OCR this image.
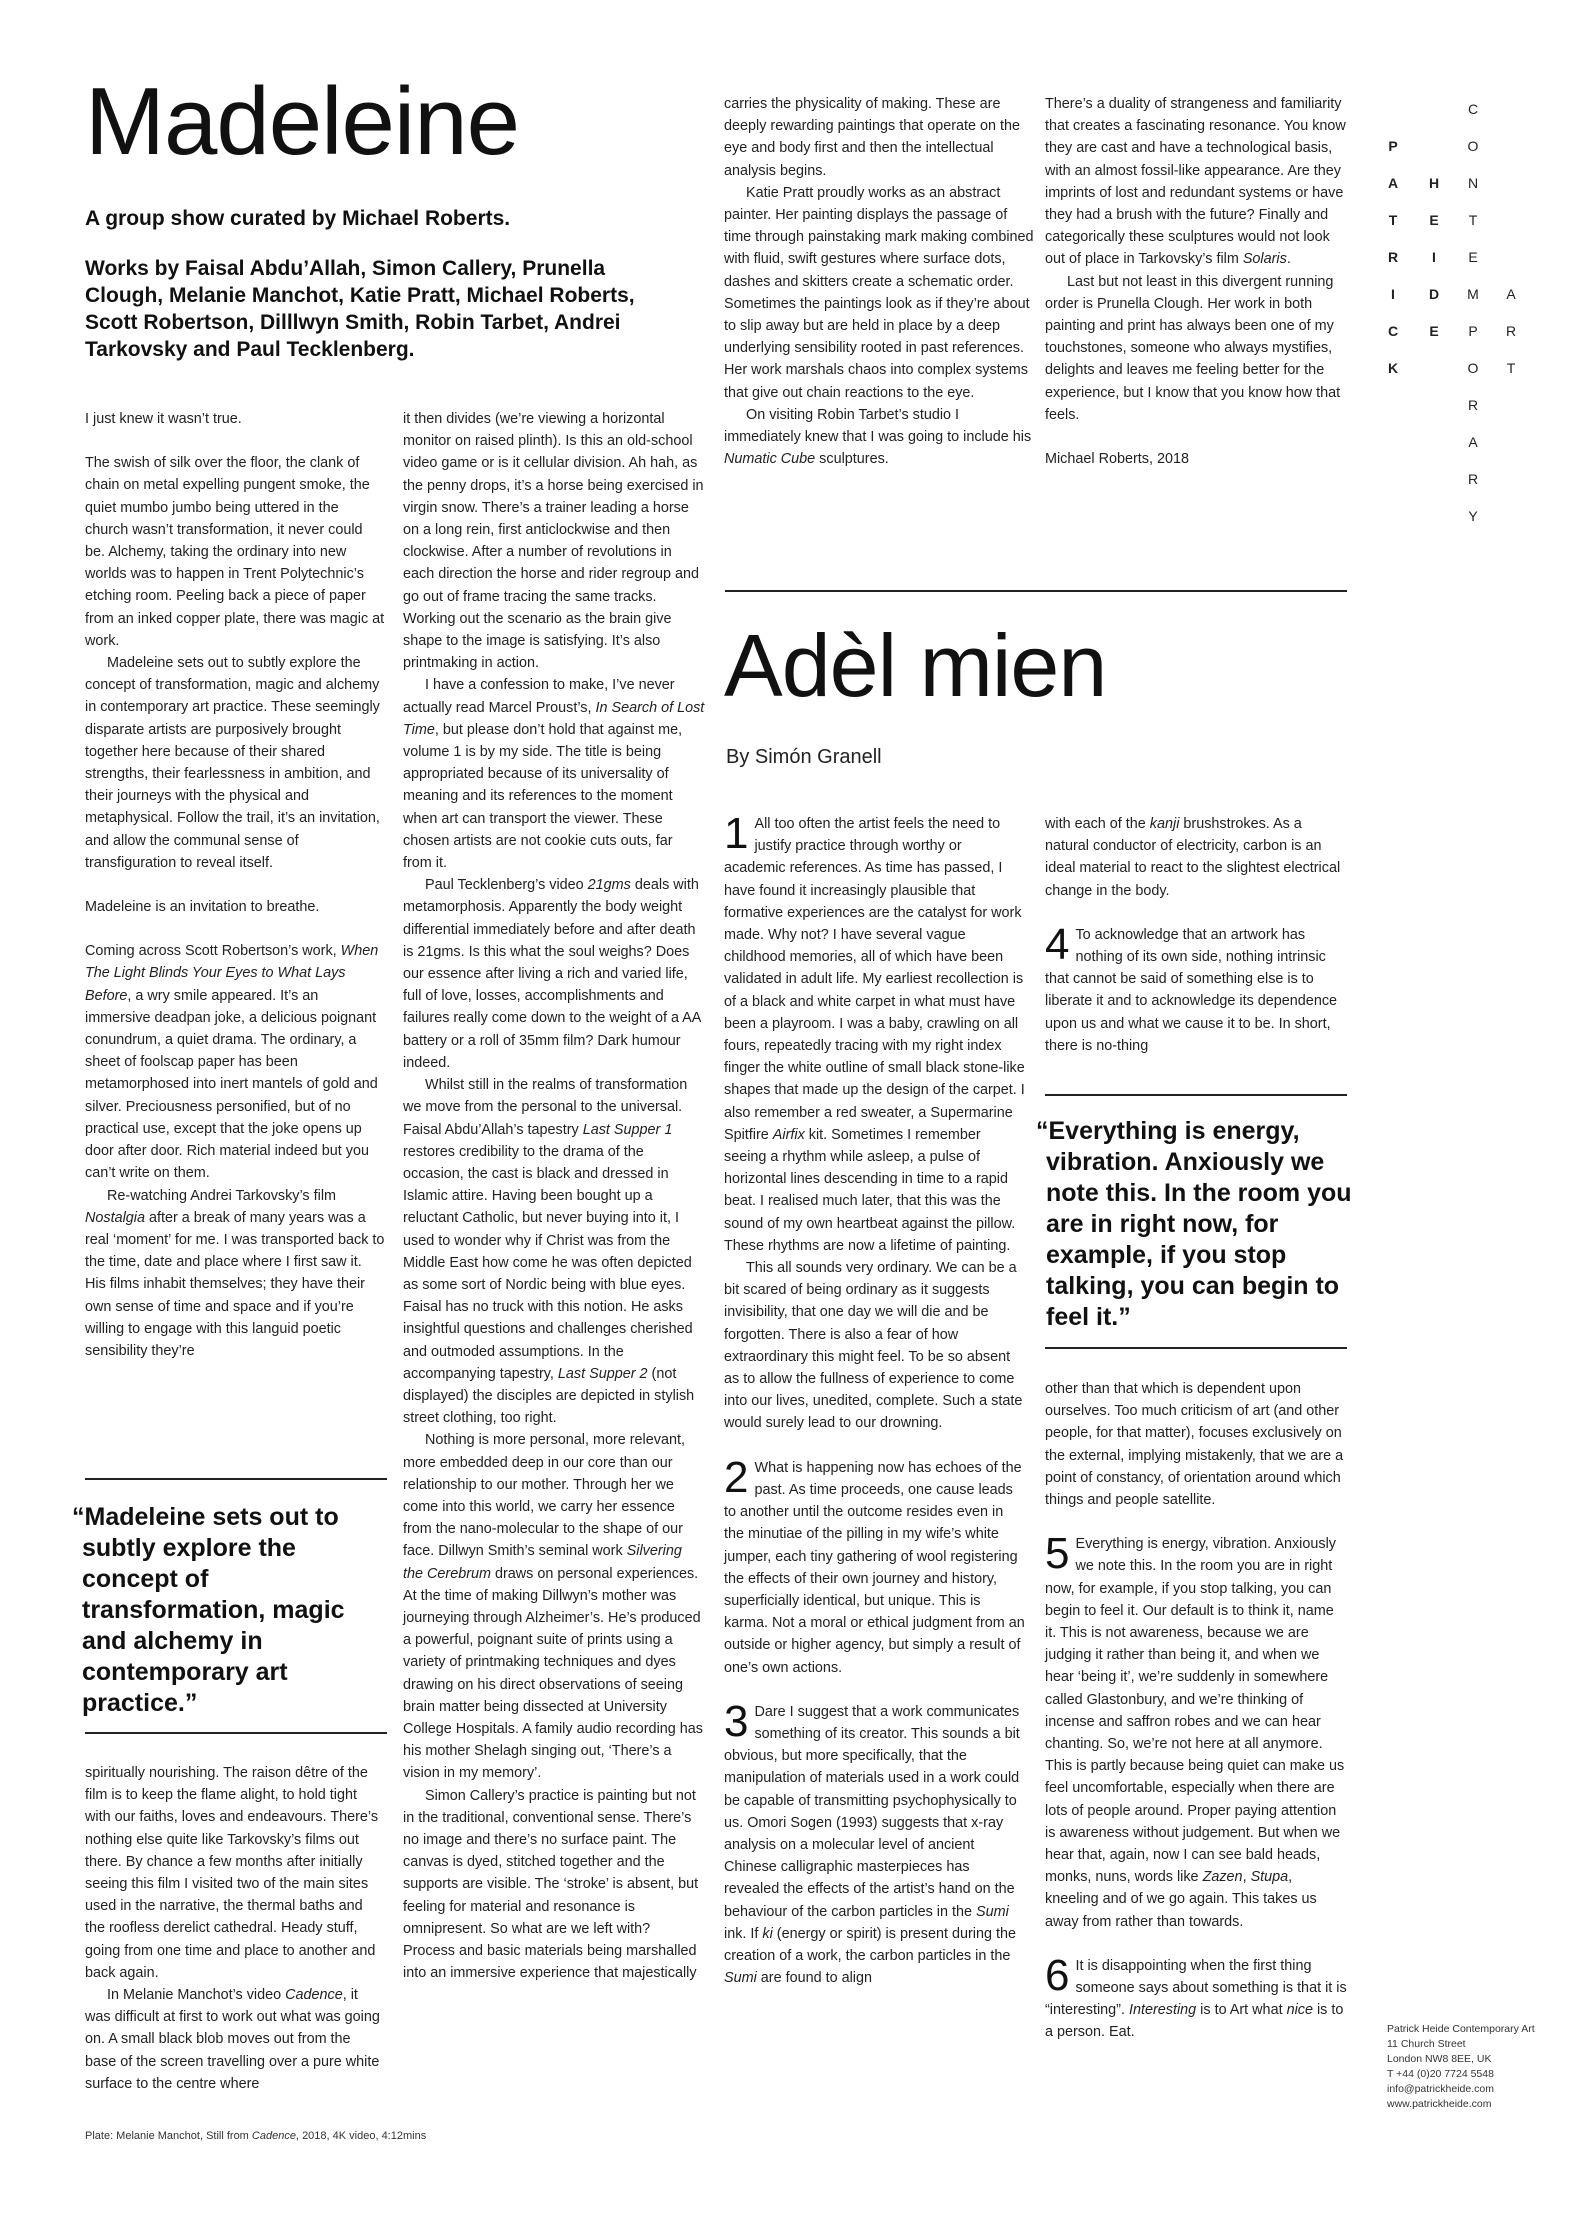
Madeleine
A group show curated by Michael Roberts.
Works by Faisal Abdu’Allah, Simon Callery, Prunella Clough, Melanie Manchot, Katie Pratt, Michael Roberts, Scott Robertson, Dilllwyn Smith, Robin Tarbet, Andrei Tarkovsky and Paul Tecklenberg.

I just knew it wasn’t true.

The swish of silk over the floor, the clank of chain on metal expelling pungent smoke, the quiet mumbo jumbo being uttered in the church wasn’t transformation, it never could be. Alchemy, taking the ordinary into new worlds was to happen in Trent Polytechnic’s etching room. Peeling back a piece of paper from an inked copper plate, there was magic at work.

Madeleine sets out to subtly explore the concept of transformation, magic and alchemy in contemporary art practice. These seemingly disparate artists are purposively brought together here because of their shared strengths, their fearlessness in ambition, and their journeys with the physical and metaphysical. Follow the trail, it’s an invitation, and allow the communal sense of transfiguration to reveal itself.

Madeleine is an invitation to breathe.

Coming across Scott Robertson’s work, When The Light Blinds Your Eyes to What Lays Before, a wry smile appeared. It’s an immersive deadpan joke, a delicious poignant conundrum, a quiet drama. The ordinary, a sheet of foolscap paper has been metamorphosed into inert mantels of gold and silver. Preciousness personified, but of no practical use, except that the joke opens up door after door. Rich material indeed but you can’t write on them.

Re-watching Andrei Tarkovsky’s film Nostalgia after a break of many years was a real ‘moment’ for me. I was transported back to the time, date and place where I first saw it. His films inhabit themselves; they have their own sense of time and space and if you’re willing to engage with this languid poetic sensibility they’re

“Madeleine sets out to subtly explore the concept of transformation, magic and alchemy in contemporary art practice.”

spiritually nourishing. The raison dêtre of the film is to keep the flame alight, to hold tight with our faiths, loves and endeavours. There’s nothing else quite like Tarkovsky’s films out there. By chance a few months after initially seeing this film I visited two of the main sites used in the narrative, the thermal baths and the roofless derelict cathedral. Heady stuff, going from one time and place to another and back again.

In Melanie Manchot’s video Cadence, it was difficult at first to work out what was going on. A small black blob moves out from the base of the screen travelling over a pure white surface to the centre where

it then divides (we’re viewing a horizontal monitor on raised plinth). Is this an old-school video game or is it cellular division. Ah hah, as the penny drops, it’s a horse being exercised in virgin snow. There’s a trainer leading a horse on a long rein, first anticlockwise and then clockwise. After a number of revolutions in each direction the horse and rider regroup and go out of frame tracing the same tracks. Working out the scenario as the brain give shape to the image is satisfying. It’s also printmaking in action.

I have a confession to make, I’ve never actually read Marcel Proust’s, In Search of Lost Time, but please don’t hold that against me, volume 1 is by my side. The title is being appropriated because of its universality of meaning and its references to the moment when art can transport the viewer. These chosen artists are not cookie cuts outs, far from it.

Paul Tecklenberg’s video 21gms deals with metamorphosis. Apparently the body weight differential immediately before and after death is 21gms. Is this what the soul weighs? Does our essence after living a rich and varied life, full of love, losses, accomplishments and failures really come down to the weight of a AA battery or a roll of 35mm film? Dark humour indeed.

Whilst still in the realms of transformation we move from the personal to the universal. Faisal Abdu’Allah’s tapestry Last Supper 1 restores credibility to the drama of the occasion, the cast is black and dressed in Islamic attire. Having been bought up a reluctant Catholic, but never buying into it, I used to wonder why if Christ was from the Middle East how come he was often depicted as some sort of Nordic being with blue eyes. Faisal has no truck with this notion. He asks insightful questions and challenges cherished and outmoded assumptions. In the accompanying tapestry, Last Supper 2 (not displayed) the disciples are depicted in stylish street clothing, too right.

Nothing is more personal, more relevant, more embedded deep in our core than our relationship to our mother. Through her we come into this world, we carry her essence from the nano-molecular to the shape of our face. Dillwyn Smith’s seminal work Silvering the Cerebrum draws on personal experiences. At the time of making Dillwyn’s mother was journeying through Alzheimer’s. He’s produced a powerful, poignant suite of prints using a variety of printmaking techniques and dyes drawing on his direct observations of seeing brain matter being dissected at University College Hospitals. A family audio recording has his mother Shelagh singing out, ‘There’s a vision in my memory’.

Simon Callery’s practice is painting but not in the traditional, conventional sense. There’s no image and there’s no surface paint. The canvas is dyed, stitched together and the supports are visible. The ‘stroke’ is absent, but feeling for material and resonance is omnipresent. So what are we left with? Process and basic materials being marshalled into an immersive experience that majestically

carries the physicality of making. These are deeply rewarding paintings that operate on the eye and body first and then the intellectual analysis begins.

Katie Pratt proudly works as an abstract painter. Her painting displays the passage of time through painstaking mark making combined with fluid, swift gestures where surface dots, dashes and skitters create a schematic order. Sometimes the paintings look as if they’re about to slip away but are held in place by a deep underlying sensibility rooted in past references. Her work marshals chaos into complex systems that give out chain reactions to the eye.

On visiting Robin Tarbet’s studio I immediately knew that I was going to include his Numatic Cube sculptures.

There’s a duality of strangeness and familiarity that creates a fascinating resonance. You know they are cast and have a technological basis, with an almost fossil-like appearance. Are they imprints of lost and redundant systems or have they had a brush with the future? Finally and categorically these sculptures would not look out of place in Tarkovsky’s film Solaris.

Last but not least in this divergent running order is Prunella Clough. Her work in both painting and print has always been one of my touchstones, someone who always mystifies, delights and leaves me feeling better for the experience, but I know that you know how that feels.

Michael Roberts, 2018

Adèl mien
By Simón Granell

1 All too often the artist feels the need to justify practice through worthy or academic references. As time has passed, I have found it increasingly plausible that formative experiences are the catalyst for work made. Why not? I have several vague childhood memories, all of which have been validated in adult life. My earliest recollection is of a black and white carpet in what must have been a playroom. I was a baby, crawling on all fours, repeatedly tracing with my right index finger the white outline of small black stone-like shapes that made up the design of the carpet. I also remember a red sweater, a Supermarine Spitfire Airfix kit. Sometimes I remember seeing a rhythm while asleep, a pulse of horizontal lines descending in time to a rapid beat. I realised much later, that this was the sound of my own heartbeat against the pillow. These rhythms are now a lifetime of painting.

This all sounds very ordinary. We can be a bit scared of being ordinary as it suggests invisibility, that one day we will die and be forgotten. There is also a fear of how extraordinary this might feel. To be so absent as to allow the fullness of experience to come into our lives, unedited, complete. Such a state would surely lead to our drowning.

2 What is happening now has echoes of the past. As time proceeds, one cause leads to another until the outcome resides even in the minutiae of the pilling in my wife’s white jumper, each tiny gathering of wool registering the effects of their own journey and history, superficially identical, but unique. This is karma. Not a moral or ethical judgment from an outside or higher agency, but simply a result of one’s own actions.

3 Dare I suggest that a work communicates something of its creator. This sounds a bit obvious, but more specifically, that the manipulation of materials used in a work could be capable of transmitting psychophysically to us. Omori Sogen (1993) suggests that x-ray analysis on a molecular level of ancient Chinese calligraphic masterpieces has revealed the effects of the artist’s hand on the behaviour of the carbon particles in the Sumi ink. If ki (energy or spirit) is present during the creation of a work, the carbon particles in the Sumi are found to align

with each of the kanji brushstrokes. As a natural conductor of electricity, carbon is an ideal material to react to the slightest electrical change in the body.

4 To acknowledge that an artwork has nothing of its own side, nothing intrinsic that cannot be said of something else is to liberate it and to acknowledge its dependence upon us and what we cause it to be. In short, there is no-thing

“Everything is energy, vibration. Anxiously we note this. In the room you are in right now, for example, if you stop talking, you can begin to feel it.”

other than that which is dependent upon ourselves. Too much criticism of art (and other people, for that matter), focuses exclusively on the external, implying mistakenly, that we are a point of constancy, of orientation around which things and people satellite.

5 Everything is energy, vibration. Anxiously we note this. In the room you are in right now, for example, if you stop talking, you can begin to feel it. Our default is to think it, name it. This is not awareness, because we are judging it rather than being it, and when we hear ‘being it’, we’re suddenly in somewhere called Glastonbury, and we’re thinking of incense and saffron robes and we can hear chanting. So, we’re not here at all anymore. This is partly because being quiet can make us feel uncomfortable, especially when there are lots of people around. Proper paying attention is awareness without judgement. But when we hear that, again, now I can see bald heads, monks, nuns, words like Zazen, Stupa, kneeling and of we go again. This takes us away from rather than towards.

6 It is disappointing when the first thing someone says about something is that it is “interesting”. Interesting is to Art what nice is to a person. Eat.

Plate: Melanie Manchot, Still from Cadence, 2018, 4K video, 4:12mins
P
A
T
R
I
C
K
H
E
I
D
E
C
O
N
T
E
M
P
O
R
A
R
Y
A
R
T
Patrick Heide Contemporary Art
11 Church Street
London NW8 8EE, UK
T +44 (0)20 7724 5548
info@patrickheide.com
www.patrickheide.com
